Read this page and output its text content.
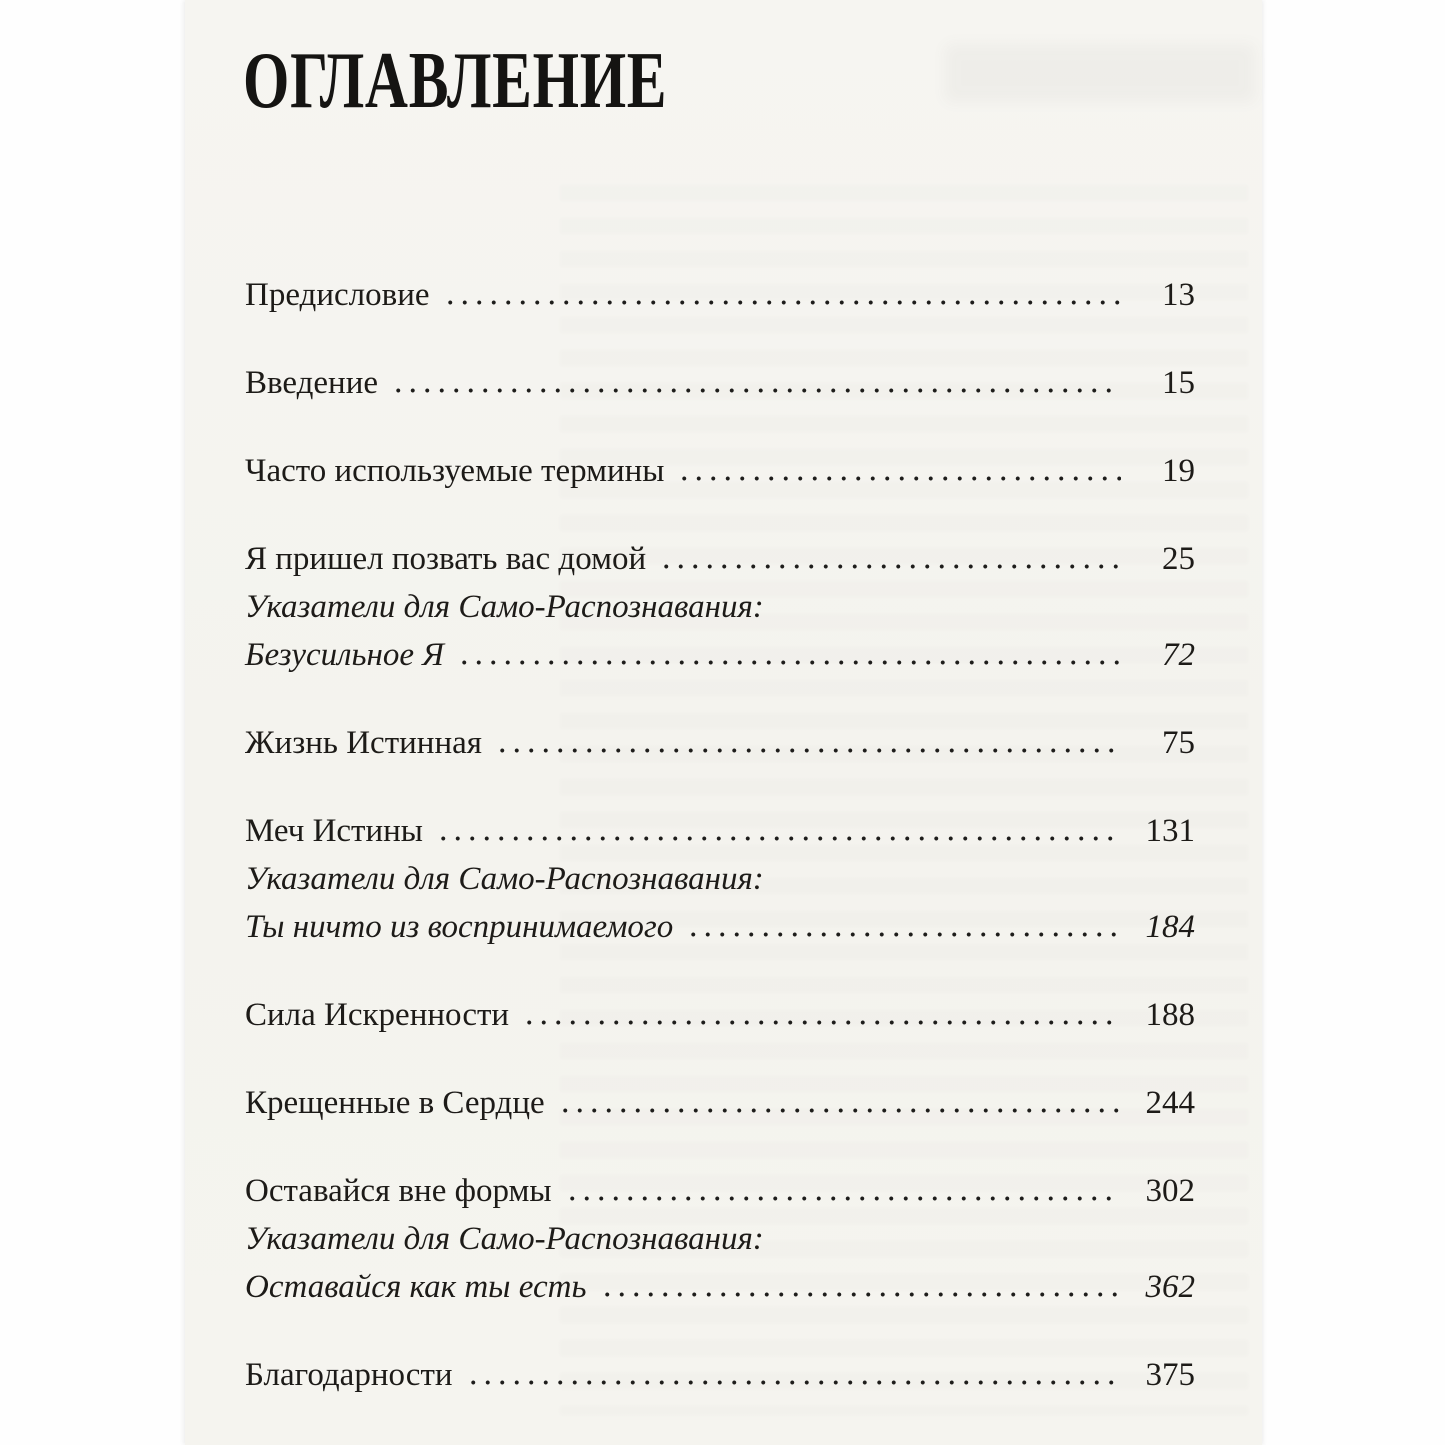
ОГЛАВЛЕНИЕ
Предисловие	13
Введение	15
Часто используемые термины	19
Я пришел позвать вас домой	25
Указатели для Само-Распознавания:
Безусильное Я	72
Жизнь Истинная	75
Меч Истины	131
Указатели для Само-Распознавания:
Ты ничто из воспринимаемого	184
Сила Искренности	188
Крещенные в Сердце	244
Оставайся вне формы	302
Указатели для Само-Распознавания:
Оставайся как ты есть	362
Благодарности	375
